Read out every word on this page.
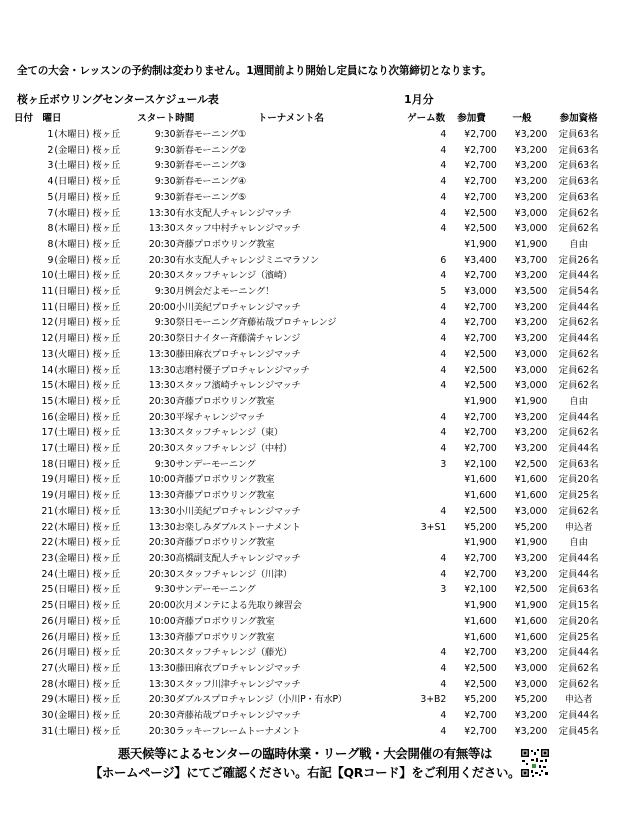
全ての大会・レッスンの予約制は変わりません。1週間前より開始し定員になり次第締切となります。
桜ヶ丘ボウリングセンタースケジュール表	1月分
日付　曜日		スタート時間	トーナメント名	ゲーム数	参加費	一般	参加資格
1	(木曜日) 桜ヶ丘	9:30	新春モーニング①	4	¥2,700	¥3,200	定員63名
2	(金曜日) 桜ヶ丘	9:30	新春モーニング②	4	¥2,700	¥3,200	定員63名
3	(土曜日) 桜ヶ丘	9:30	新春モーニング③	4	¥2,700	¥3,200	定員63名
4	(日曜日) 桜ヶ丘	9:30	新春モーニング④	4	¥2,700	¥3,200	定員63名
5	(月曜日) 桜ヶ丘	9:30	新春モーニング⑤	4	¥2,700	¥3,200	定員63名
7	(水曜日) 桜ヶ丘	13:30	有水支配人チャレンジマッチ	4	¥2,500	¥3,000	定員62名
8	(木曜日) 桜ヶ丘	13:30	スタッフ中村チャレンジマッチ	4	¥2,500	¥3,000	定員62名
8	(木曜日) 桜ヶ丘	20:30	斉藤プロボウリング教室		¥1,900	¥1,900	自由
9	(金曜日) 桜ヶ丘	20:30	有水支配人チャレンジミニマラソン	6	¥3,400	¥3,700	定員26名
10	(土曜日) 桜ヶ丘	20:30	スタッフチャレンジ（濱崎）	4	¥2,700	¥3,200	定員44名
11	(日曜日) 桜ヶ丘	9:30	月例会だよモーニング！	5	¥3,000	¥3,500	定員54名
11	(日曜日) 桜ヶ丘	20:00	小川美紀プロチャレンジマッチ	4	¥2,700	¥3,200	定員44名
12	(月曜日) 桜ヶ丘	9:30	祭日モーニング斉藤祐哉プロチャレンジ	4	¥2,700	¥3,200	定員62名
12	(月曜日) 桜ヶ丘	20:30	祭日ナイター斉藤満チャレンジ	4	¥2,700	¥3,200	定員44名
13	(火曜日) 桜ヶ丘	13:30	藤田麻衣プロチャレンジマッチ	4	¥2,500	¥3,000	定員62名
14	(水曜日) 桜ヶ丘	13:30	志磨村優子プロチャレンジマッチ	4	¥2,500	¥3,000	定員62名
15	(木曜日) 桜ヶ丘	13:30	スタッフ濱崎チャレンジマッチ	4	¥2,500	¥3,000	定員62名
15	(木曜日) 桜ヶ丘	20:30	斉藤プロボウリング教室		¥1,900	¥1,900	自由
16	(金曜日) 桜ヶ丘	20:30	平塚チャレンジマッチ	4	¥2,700	¥3,200	定員44名
17	(土曜日) 桜ヶ丘	13:30	スタッフチャレンジ（東）	4	¥2,700	¥3,200	定員62名
17	(土曜日) 桜ヶ丘	20:30	スタッフチャレンジ（中村）	4	¥2,700	¥3,200	定員44名
18	(日曜日) 桜ヶ丘	9:30	サンデーモーニング	3	¥2,100	¥2,500	定員63名
19	(月曜日) 桜ヶ丘	10:00	斉藤プロボウリング教室		¥1,600	¥1,600	定員20名
19	(月曜日) 桜ヶ丘	13:30	斉藤プロボウリング教室		¥1,600	¥1,600	定員25名
21	(水曜日) 桜ヶ丘	13:30	小川美紀プロチャレンジマッチ	4	¥2,500	¥3,000	定員62名
22	(木曜日) 桜ヶ丘	13:30	お楽しみダブルストーナメント	3+S1	¥5,200	¥5,200	申込者
22	(木曜日) 桜ヶ丘	20:30	斉藤プロボウリング教室		¥1,900	¥1,900	自由
23	(金曜日) 桜ヶ丘	20:30	高橋副支配人チャレンジマッチ	4	¥2,700	¥3,200	定員44名
24	(土曜日) 桜ヶ丘	20:30	スタッフチャレンジ（川津）	4	¥2,700	¥3,200	定員44名
25	(日曜日) 桜ヶ丘	9:30	サンデーモーニング	3	¥2,100	¥2,500	定員63名
25	(日曜日) 桜ヶ丘	20:00	次月メンテによる先取り練習会		¥1,900	¥1,900	定員15名
26	(月曜日) 桜ヶ丘	10:00	斉藤プロボウリング教室		¥1,600	¥1,600	定員20名
26	(月曜日) 桜ヶ丘	13:30	斉藤プロボウリング教室		¥1,600	¥1,600	定員25名
26	(月曜日) 桜ヶ丘	20:30	スタッフチャレンジ（藤光）	4	¥2,700	¥3,200	定員44名
27	(火曜日) 桜ヶ丘	13:30	藤田麻衣プロチャレンジマッチ	4	¥2,500	¥3,000	定員62名
28	(水曜日) 桜ヶ丘	13:30	スタッフ川津チャレンジマッチ	4	¥2,500	¥3,000	定員62名
29	(木曜日) 桜ヶ丘	20:30	ダブルスプロチャレンジ（小川P・有水P）	3+B2	¥5,200	¥5,200	申込者
30	(金曜日) 桜ヶ丘	20:30	斉藤祐哉プロチャレンジマッチ	4	¥2,700	¥3,200	定員44名
31	(土曜日) 桜ヶ丘	20:30	ラッキーフレームトーナメント	4	¥2,700	¥3,200	定員45名
悪天候等によるセンターの臨時休業・リーグ戦・大会開催の有無等は
【ホームページ】にてご確認ください。右記【QRコード】をご利用ください。
